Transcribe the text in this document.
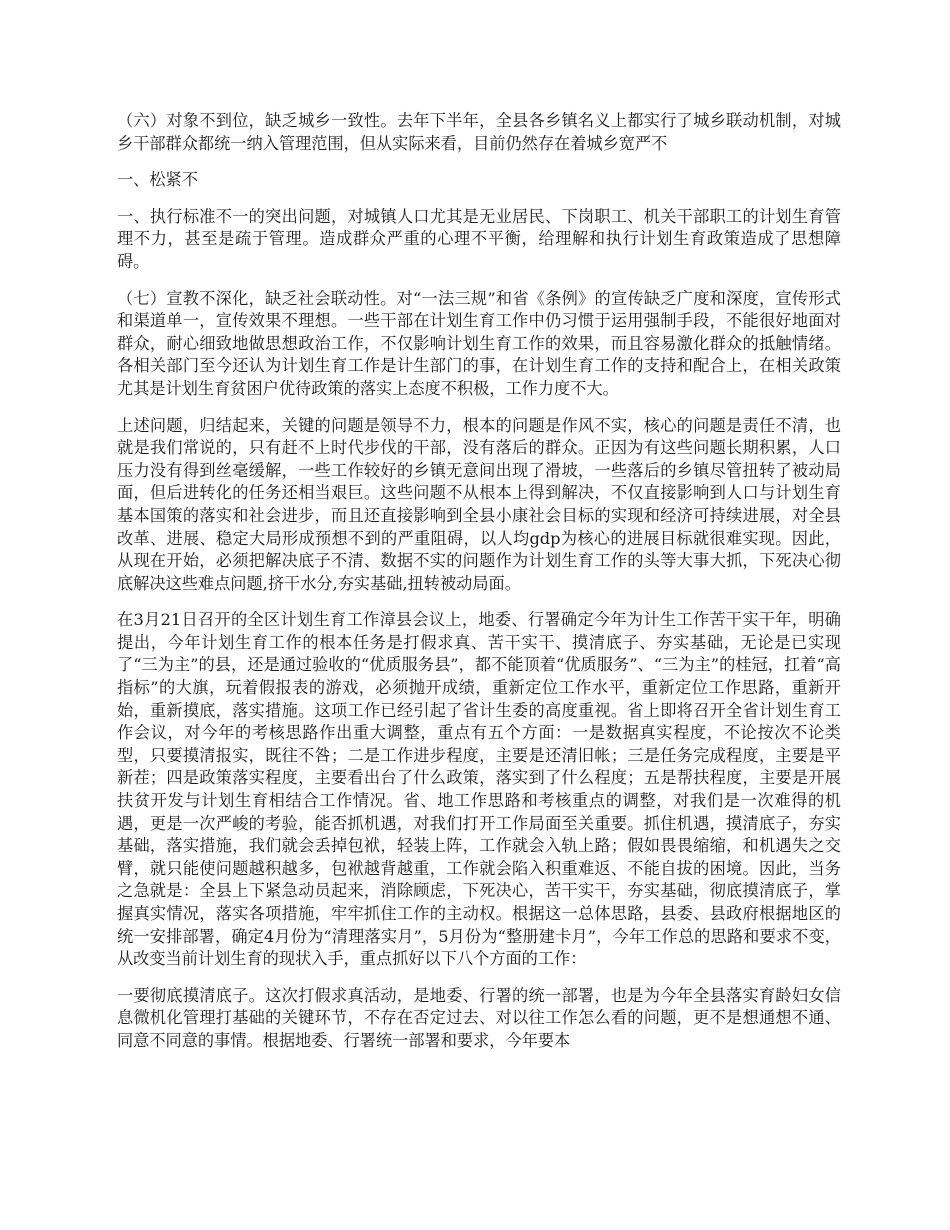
（六）对象不到位，缺乏城乡一致性。去年下半年，全县各乡镇名义上都实行了城乡联动机制，对城乡干部群众都统一纳入管理范围，但从实际来看，目前仍然存在着城乡宽严不

一、松紧不

一、执行标准不一的突出问题，对城镇人口尤其是无业居民、下岗职工、机关干部职工的计划生育管理不力，甚至是疏于管理。造成群众严重的心理不平衡，给理解和执行计划生育政策造成了思想障碍。

（七）宣教不深化，缺乏社会联动性。对“一法三规”和省《条例》的宣传缺乏广度和深度，宣传形式和渠道单一，宣传效果不理想。一些干部在计划生育工作中仍习惯于运用强制手段，不能很好地面对群众，耐心细致地做思想政治工作，不仅影响计划生育工作的效果，而且容易激化群众的抵触情绪。各相关部门至今还认为计划生育工作是计生部门的事，在计划生育工作的支持和配合上，在相关政策尤其是计划生育贫困户优待政策的落实上态度不积极，工作力度不大。

上述问题，归结起来，关键的问题是领导不力，根本的问题是作风不实，核心的问题是责任不清，也就是我们常说的，只有赶不上时代步伐的干部，没有落后的群众。正因为有这些问题长期积累，人口压力没有得到丝毫缓解，一些工作较好的乡镇无意间出现了滑坡，一些落后的乡镇尽管扭转了被动局面，但后进转化的任务还相当艰巨。这些问题不从根本上得到解决，不仅直接影响到人口与计划生育基本国策的落实和社会进步，而且还直接影响到全县小康社会目标的实现和经济可持续进展，对全县改革、进展、稳定大局形成预想不到的严重阻碍，以人均gdp为核心的进展目标就很难实现。因此，从现在开始，必须把解决底子不清、数据不实的问题作为计划生育工作的头等大事大抓，下死决心彻底解决这些难点问题,挤干水分,夯实基础,扭转被动局面。

在3月21日召开的全区计划生育工作漳县会议上，地委、行署确定今年为计生工作苦干实干年，明确提出，今年计划生育工作的根本任务是打假求真、苦干实干、摸清底子、夯实基础，无论是已实现了“三为主”的县，还是通过验收的“优质服务县”，都不能顶着“优质服务”、“三为主”的桂冠，扛着“高指标”的大旗，玩着假报表的游戏，必须抛开成绩，重新定位工作水平，重新定位工作思路，重新开始，重新摸底，落实措施。这项工作已经引起了省计生委的高度重视。省上即将召开全省计划生育工作会议，对今年的考核思路作出重大调整，重点有五个方面：一是数据真实程度，不论按次不论类型，只要摸清报实，既往不咎；二是工作进步程度，主要是还清旧帐；三是任务完成程度，主要是平新茬；四是政策落实程度，主要看出台了什么政策，落实到了什么程度；五是帮扶程度，主要是开展扶贫开发与计划生育相结合工作情况。省、地工作思路和考核重点的调整，对我们是一次难得的机遇，更是一次严峻的考验，能否抓机遇，对我们打开工作局面至关重要。抓住机遇，摸清底子，夯实基础，落实措施，我们就会丢掉包袱，轻装上阵，工作就会入轨上路；假如畏畏缩缩，和机遇失之交臂，就只能使问题越积越多，包袱越背越重，工作就会陷入积重难返、不能自拔的困境。因此，当务之急就是：全县上下紧急动员起来，消除顾虑，下死决心，苦干实干，夯实基础，彻底摸清底子，掌握真实情况，落实各项措施，牢牢抓住工作的主动权。根据这一总体思路，县委、县政府根据地区的统一安排部署，确定4月份为“清理落实月”，5月份为“整册建卡月”，今年工作总的思路和要求不变，从改变当前计划生育的现状入手，重点抓好以下八个方面的工作：

一要彻底摸清底子。这次打假求真活动，是地委、行署的统一部署，也是为今年全县落实育龄妇女信息微机化管理打基础的关键环节，不存在否定过去、对以往工作怎么看的问题，更不是想通想不通、同意不同意的事情。根据地委、行署统一部署和要求，今年要本
